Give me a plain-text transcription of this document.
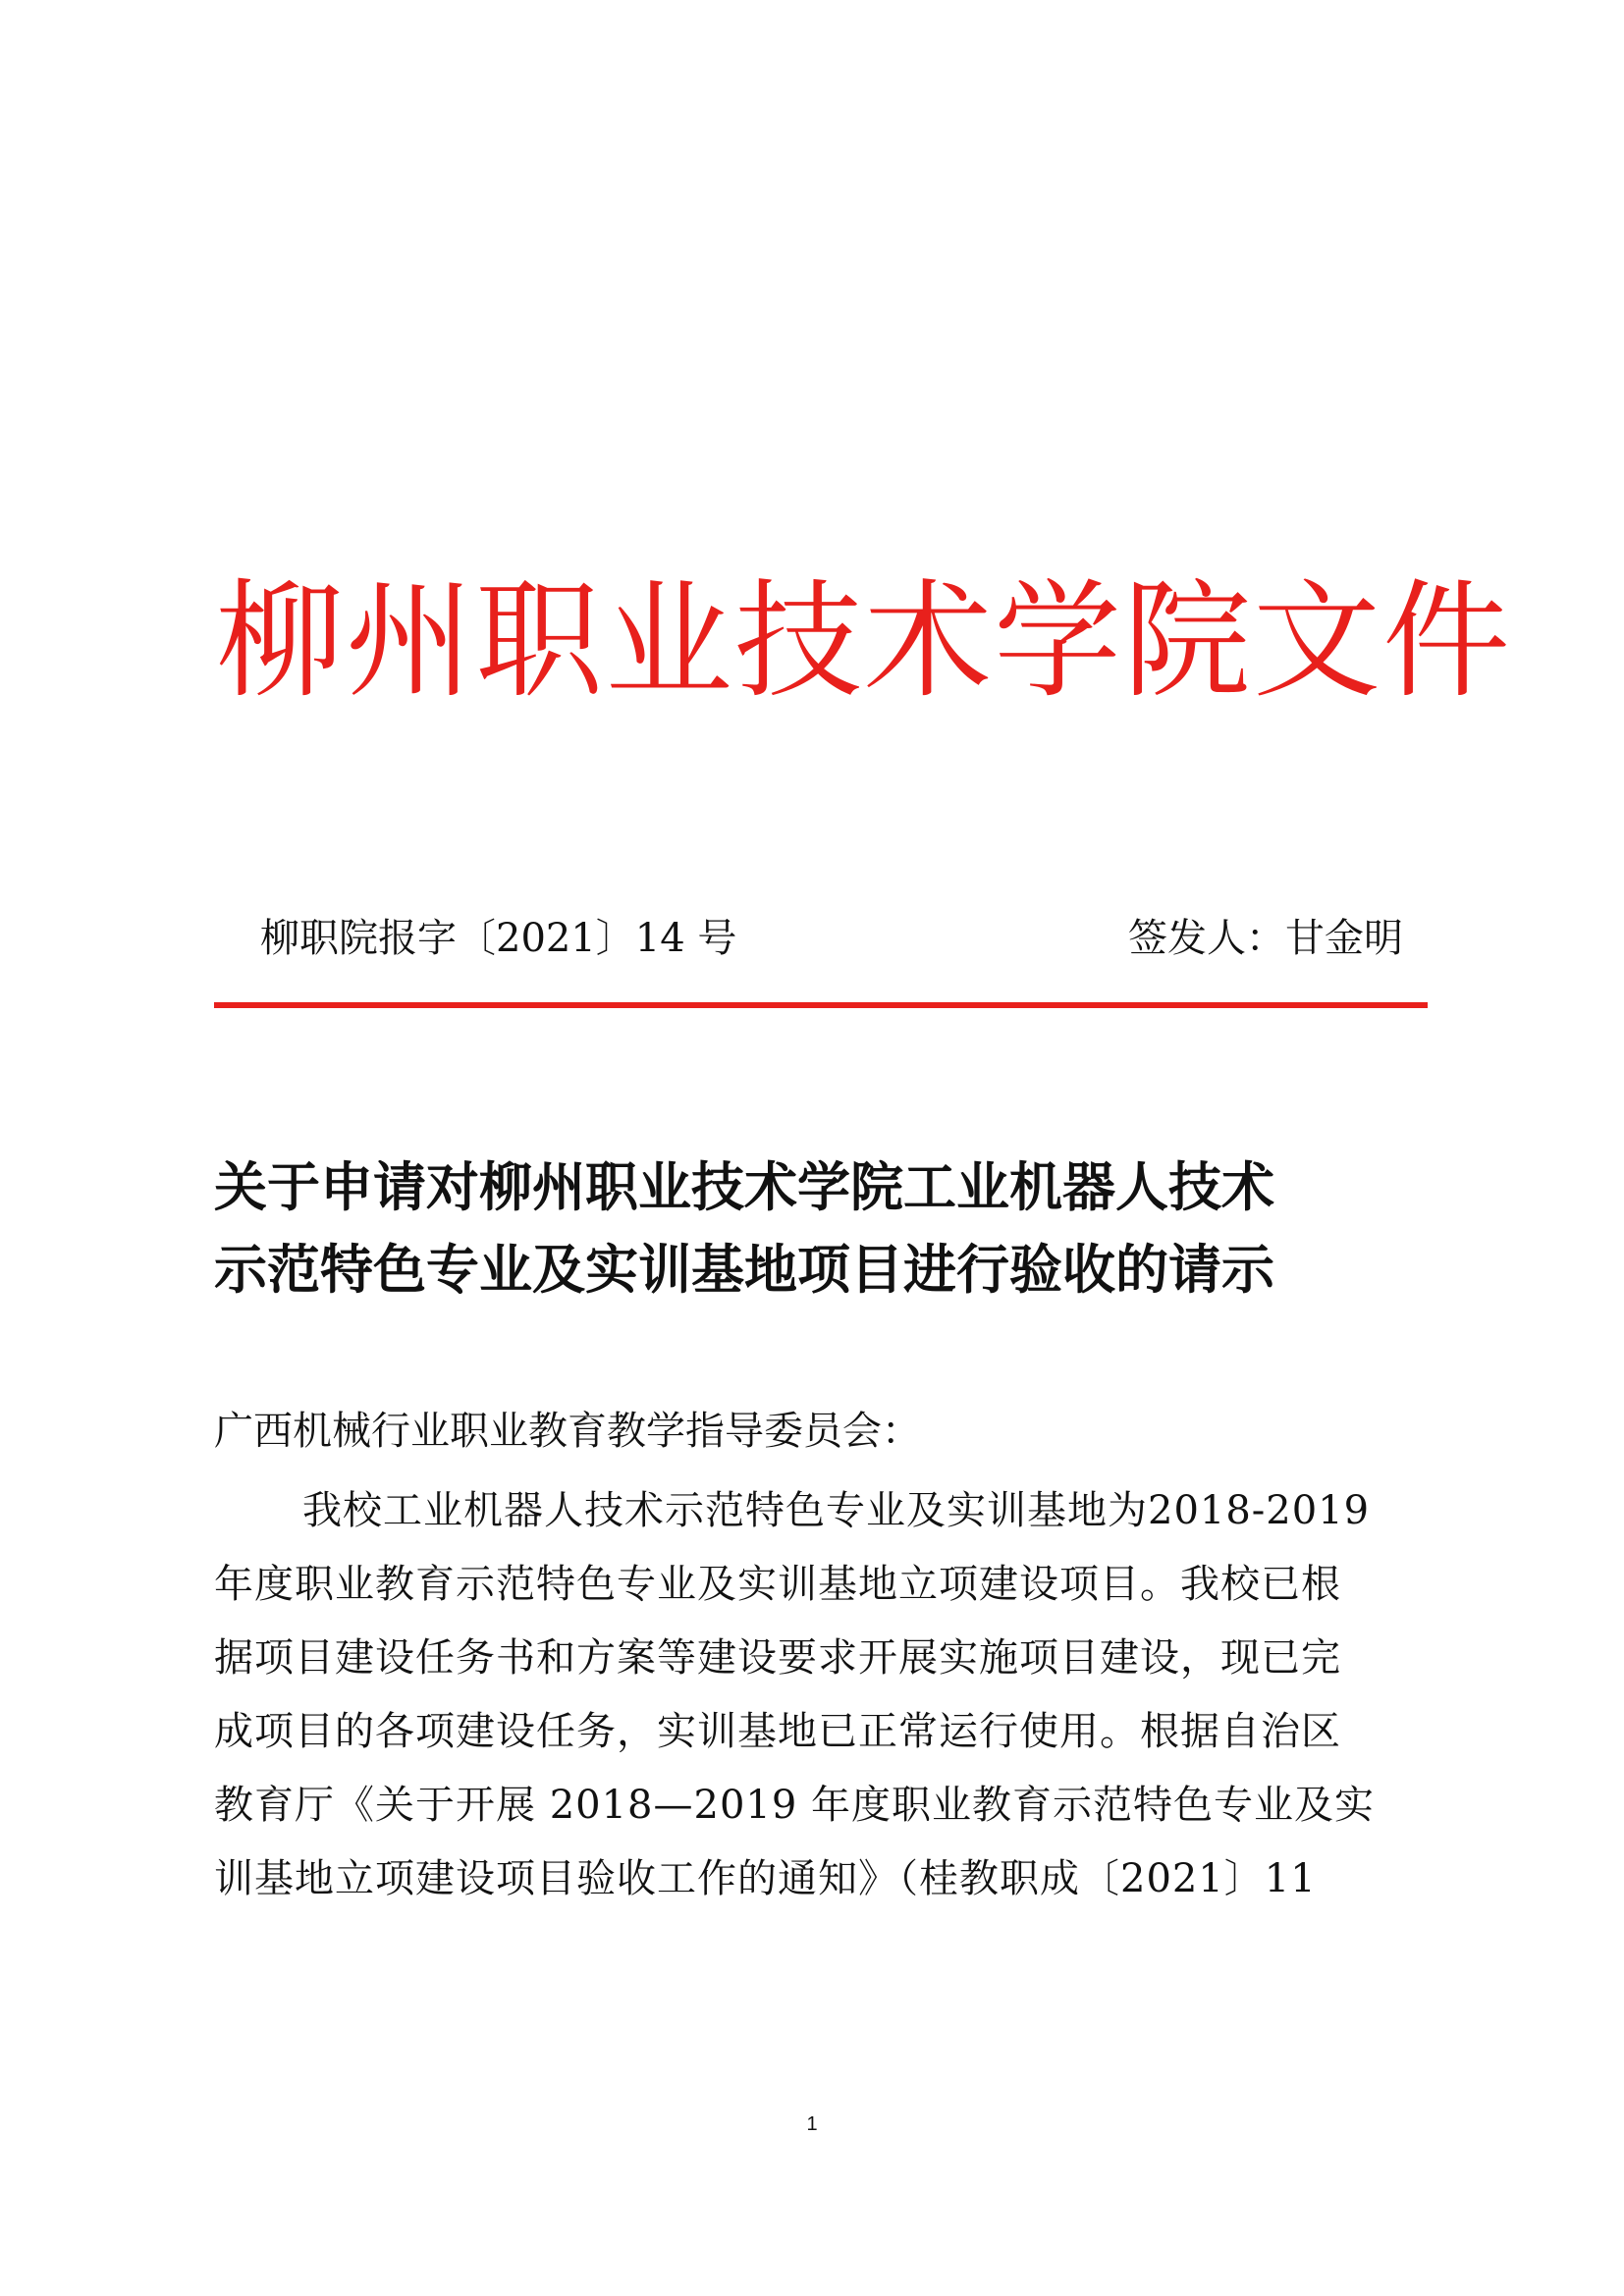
柳州职业技术学院文件
柳职院报字〔2021〕14 号	签发人：甘金明
关于申请对柳州职业技术学院工业机器人技术
示范特色专业及实训基地项目进行验收的请示
广西机械行业职业教育教学指导委员会：
我校工业机器人技术示范特色专业及实训基地为2018-2019
年度职业教育示范特色专业及实训基地立项建设项目。我校已根
据项目建设任务书和方案等建设要求开展实施项目建设，现已完
成项目的各项建设任务，实训基地已正常运行使用。根据自治区
教育厅《关于开展 2018—2019 年度职业教育示范特色专业及实
训基地立项建设项目验收工作的通知》（桂教职成〔2021〕11
1
